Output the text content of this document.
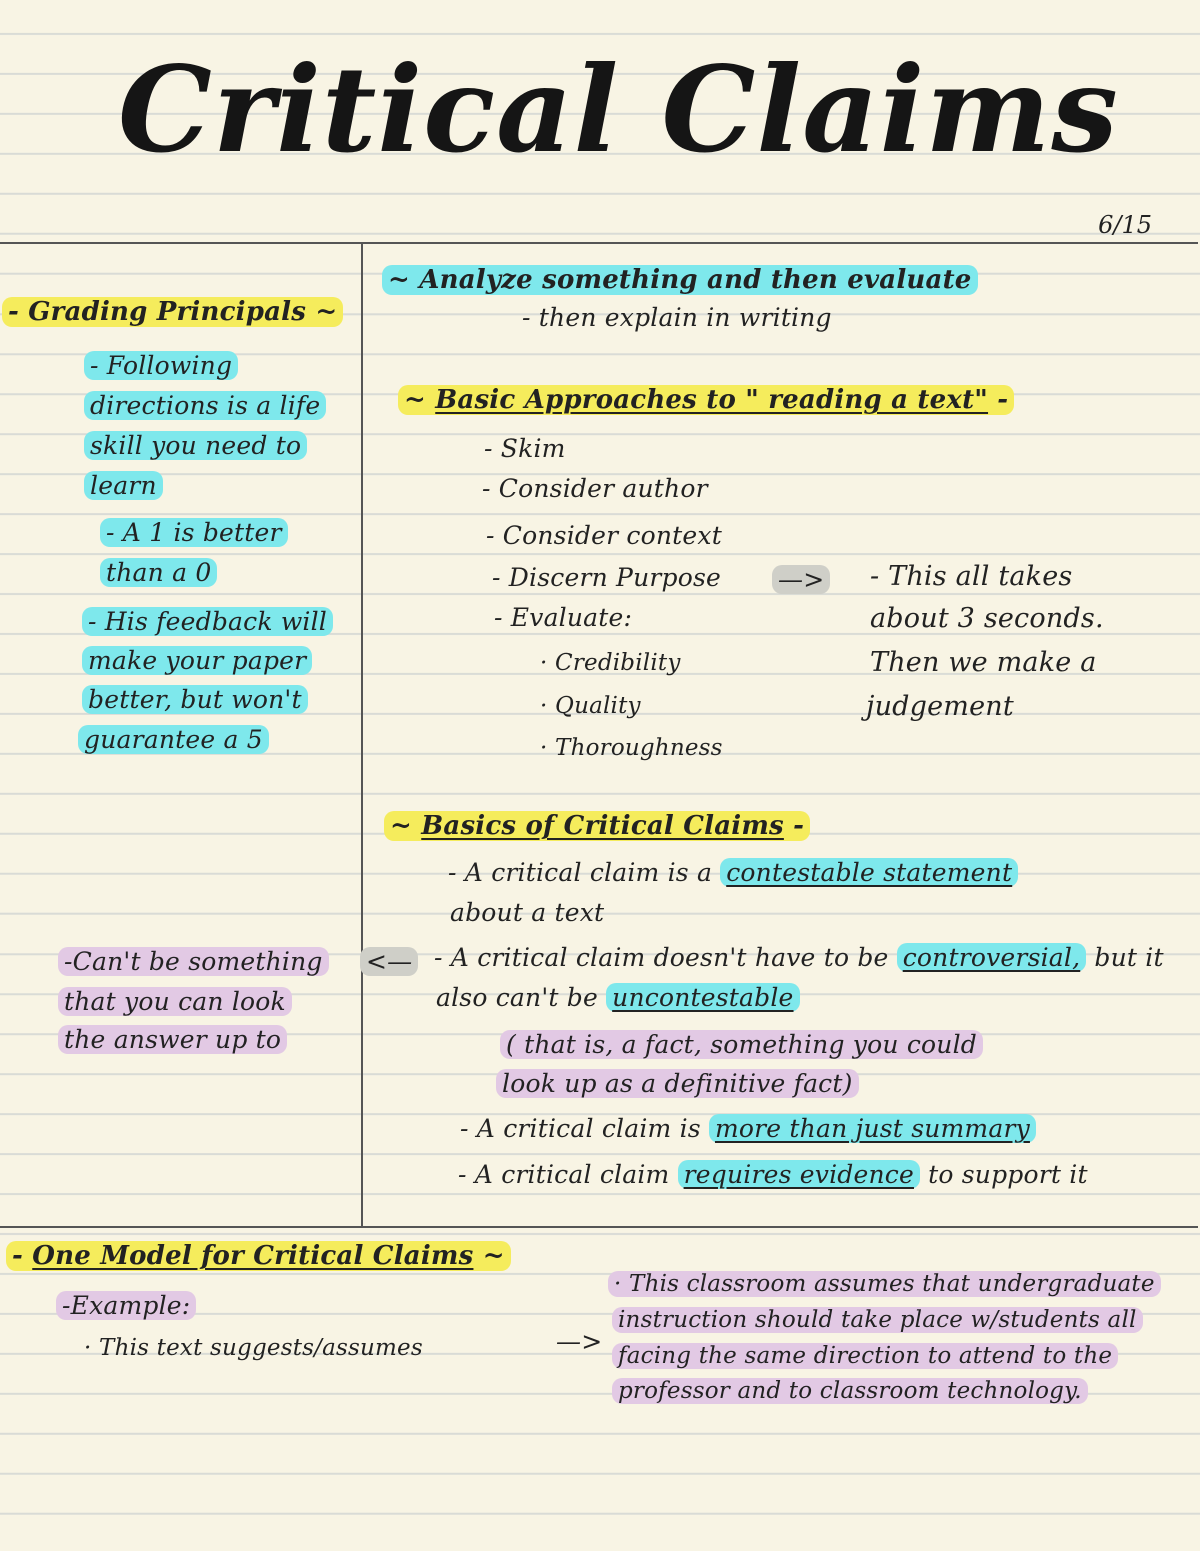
Critical Claims
6/15
- Grading Principals ~
- Following
directions is a life
skill you need to
learn
- A 1 is better
than a 0
- His feedback will
make your paper
better, but won't
guarantee a 5
-Can't be something
that you can look
the answer up to
~ Analyze something and then evaluate
- then explain in writing
~ Basic Approaches to " reading a text" -
- Skim
- Consider author
- Consider context
- Discern Purpose
- Evaluate:
· Credibility
· Quality
· Thoroughness
—> - This all takes
about 3 seconds.
Then we make a
judgement
~ Basics of Critical Claims -
- A critical claim is a contestable statement
about a text
<— - A critical claim doesn't have to be controversial, but it
also can't be uncontestable
( that is, a fact, something you could
look up as a definitive fact)
- A critical claim is more than just summary
- A critical claim requires evidence to support it
- One Model for Critical Claims ~
-Example:
· This text suggests/assumes	—>
· This classroom assumes that undergraduate
instruction should take place w/students all
facing the same direction to attend to the
professor and to classroom technology.
